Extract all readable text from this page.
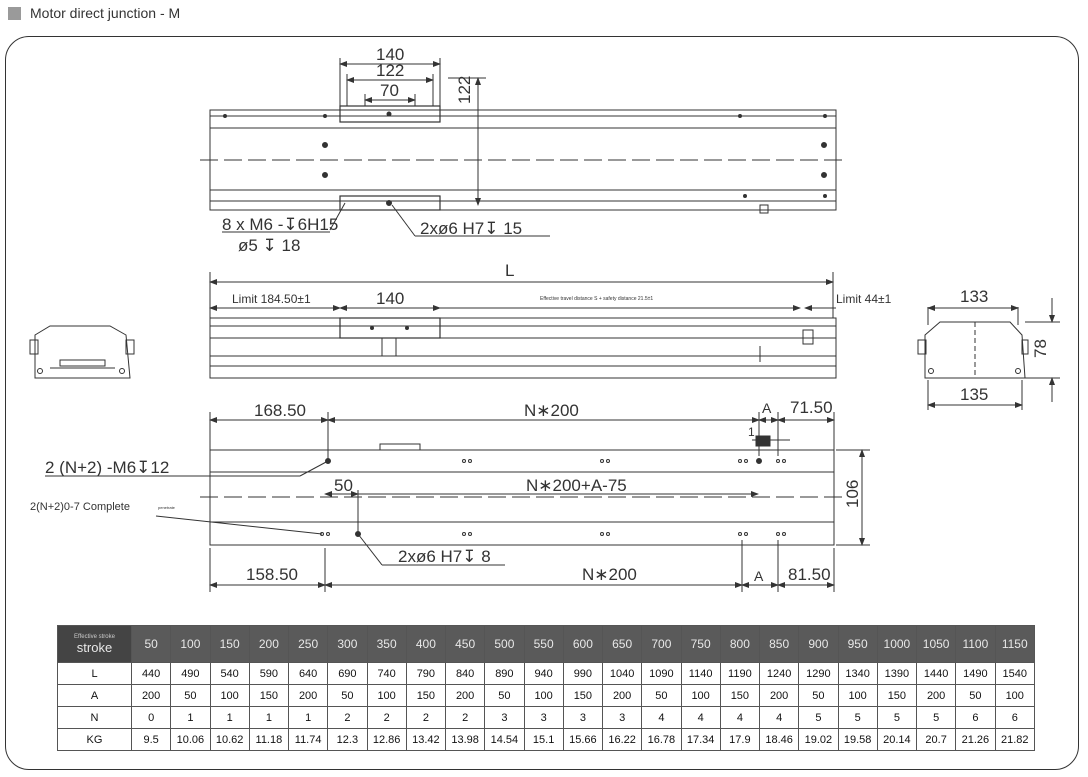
Motor direct junction - M
140
122
70	122
8 x M6 -↧6H15
ø5 ↧ 18
2xø6 H7↧ 15
L
Limit 184.50±1	140	Effective travel distance S + safety distance 21.5±1	Limit 44±1	133
78
135
168.50	N∗200	A 71.50
1
2 (N+2) -M6↧12
50	N∗200+A-75	106
2(N+2)0-7 Complete	penetrate
2xø6 H7↧ 8
158.50	N∗200	A 81.50
Effective stroke
stroke	50	100	150	200	250	300	350	400	450	500	550	600	650	700	750	800	850	900	950	1000	1050	1100	1150
L	440	490	540	590	640	690	740	790	840	890	940	990	1040	1090	1140	1190	1240	1290	1340	1390	1440	1490	1540
A	200	50	100	150	200	50	100	150	200	50	100	150	200	50	100	150	200	50	100	150	200	50	100
N	0	1	1	1	1	2	2	2	2	3	3	3	3	4	4	4	4	5	5	5	5	6	6
KG	9.5	10.06	10.62	11.18	11.74	12.3	12.86	13.42	13.98	14.54	15.1	15.66	16.22	16.78	17.34	17.9	18.46	19.02	19.58	20.14	20.7	21.26	21.82
